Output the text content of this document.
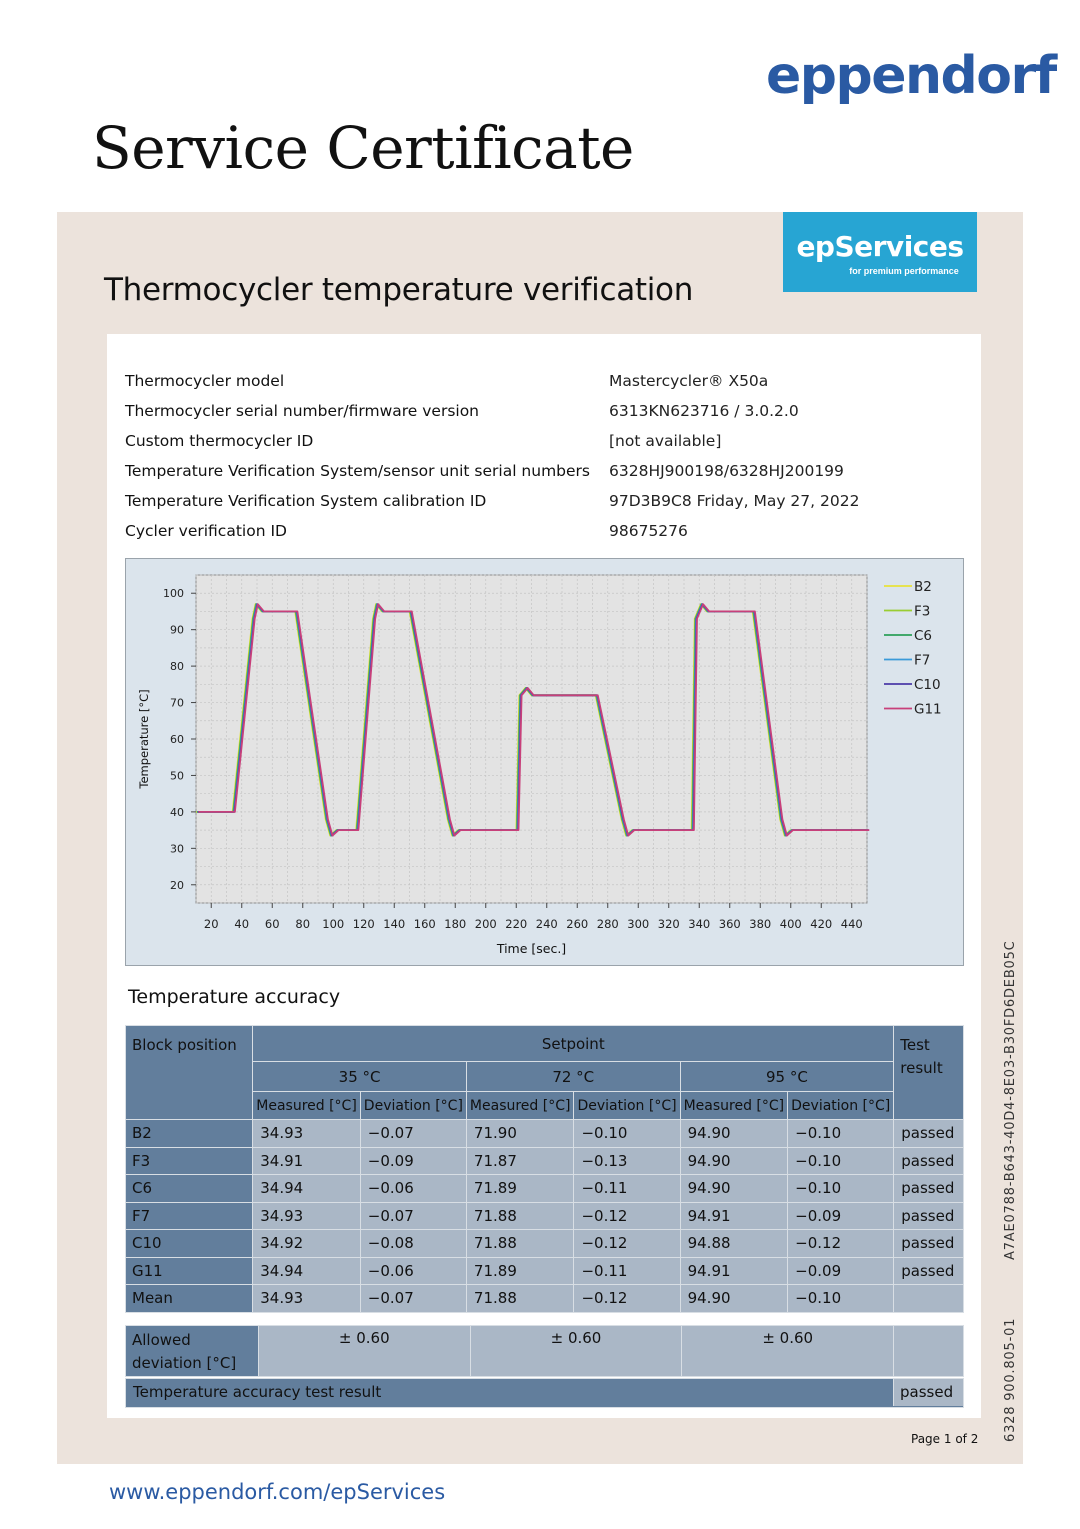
eppendorf
Service Certificate
epServices
for premium performance
Thermocycler temperature verification
Thermocycler model	Mastercycler® X50a
Thermocycler serial number/firmware version	6313KN623716 / 3.0.2.0
Custom thermocycler ID	[not available]
Temperature Verification System/sensor unit serial numbers	6328HJ900198/6328HJ200199
Temperature Verification System calibration ID	97D3B9C8 Friday, May 27, 2022
Cycler verification ID	98675276
20 40 60 80 100 120 140 160 180 200 220 240 260 280 300 320 340 360 380 400 420 440
20
30
40
50
60
70
80
90
100
Time [sec.]
Temperature [°C]
B2
F3
C6
F7
C10
G11
Temperature accuracy
Block position	Setpoint						Test result
	35 °C		72 °C		95 °C		
	Measured [°C]	Deviation [°C]	Measured [°C]	Deviation [°C]	Measured [°C]	Deviation [°C]	
B2	34.93	−0.07	71.90	−0.10	94.90	−0.10	passed
F3	34.91	−0.09	71.87	−0.13	94.90	−0.10	passed
C6	34.94	−0.06	71.89	−0.11	94.90	−0.10	passed
F7	34.93	−0.07	71.88	−0.12	94.91	−0.09	passed
C10	34.92	−0.08	71.88	−0.12	94.88	−0.12	passed
G11	34.94	−0.06	71.89	−0.11	94.91	−0.09	passed
Mean	34.93	−0.07	71.88	−0.12	94.90	−0.10	
Allowed deviation [°C]	± 0.60	± 0.60	± 0.60	
Temperature accuracy test result	passed
Page 1 of 2
A7AE0788-B643-40D4-8E03-B30FD6DEB05C
6328 900.805-01
www.eppendorf.com/epServices
